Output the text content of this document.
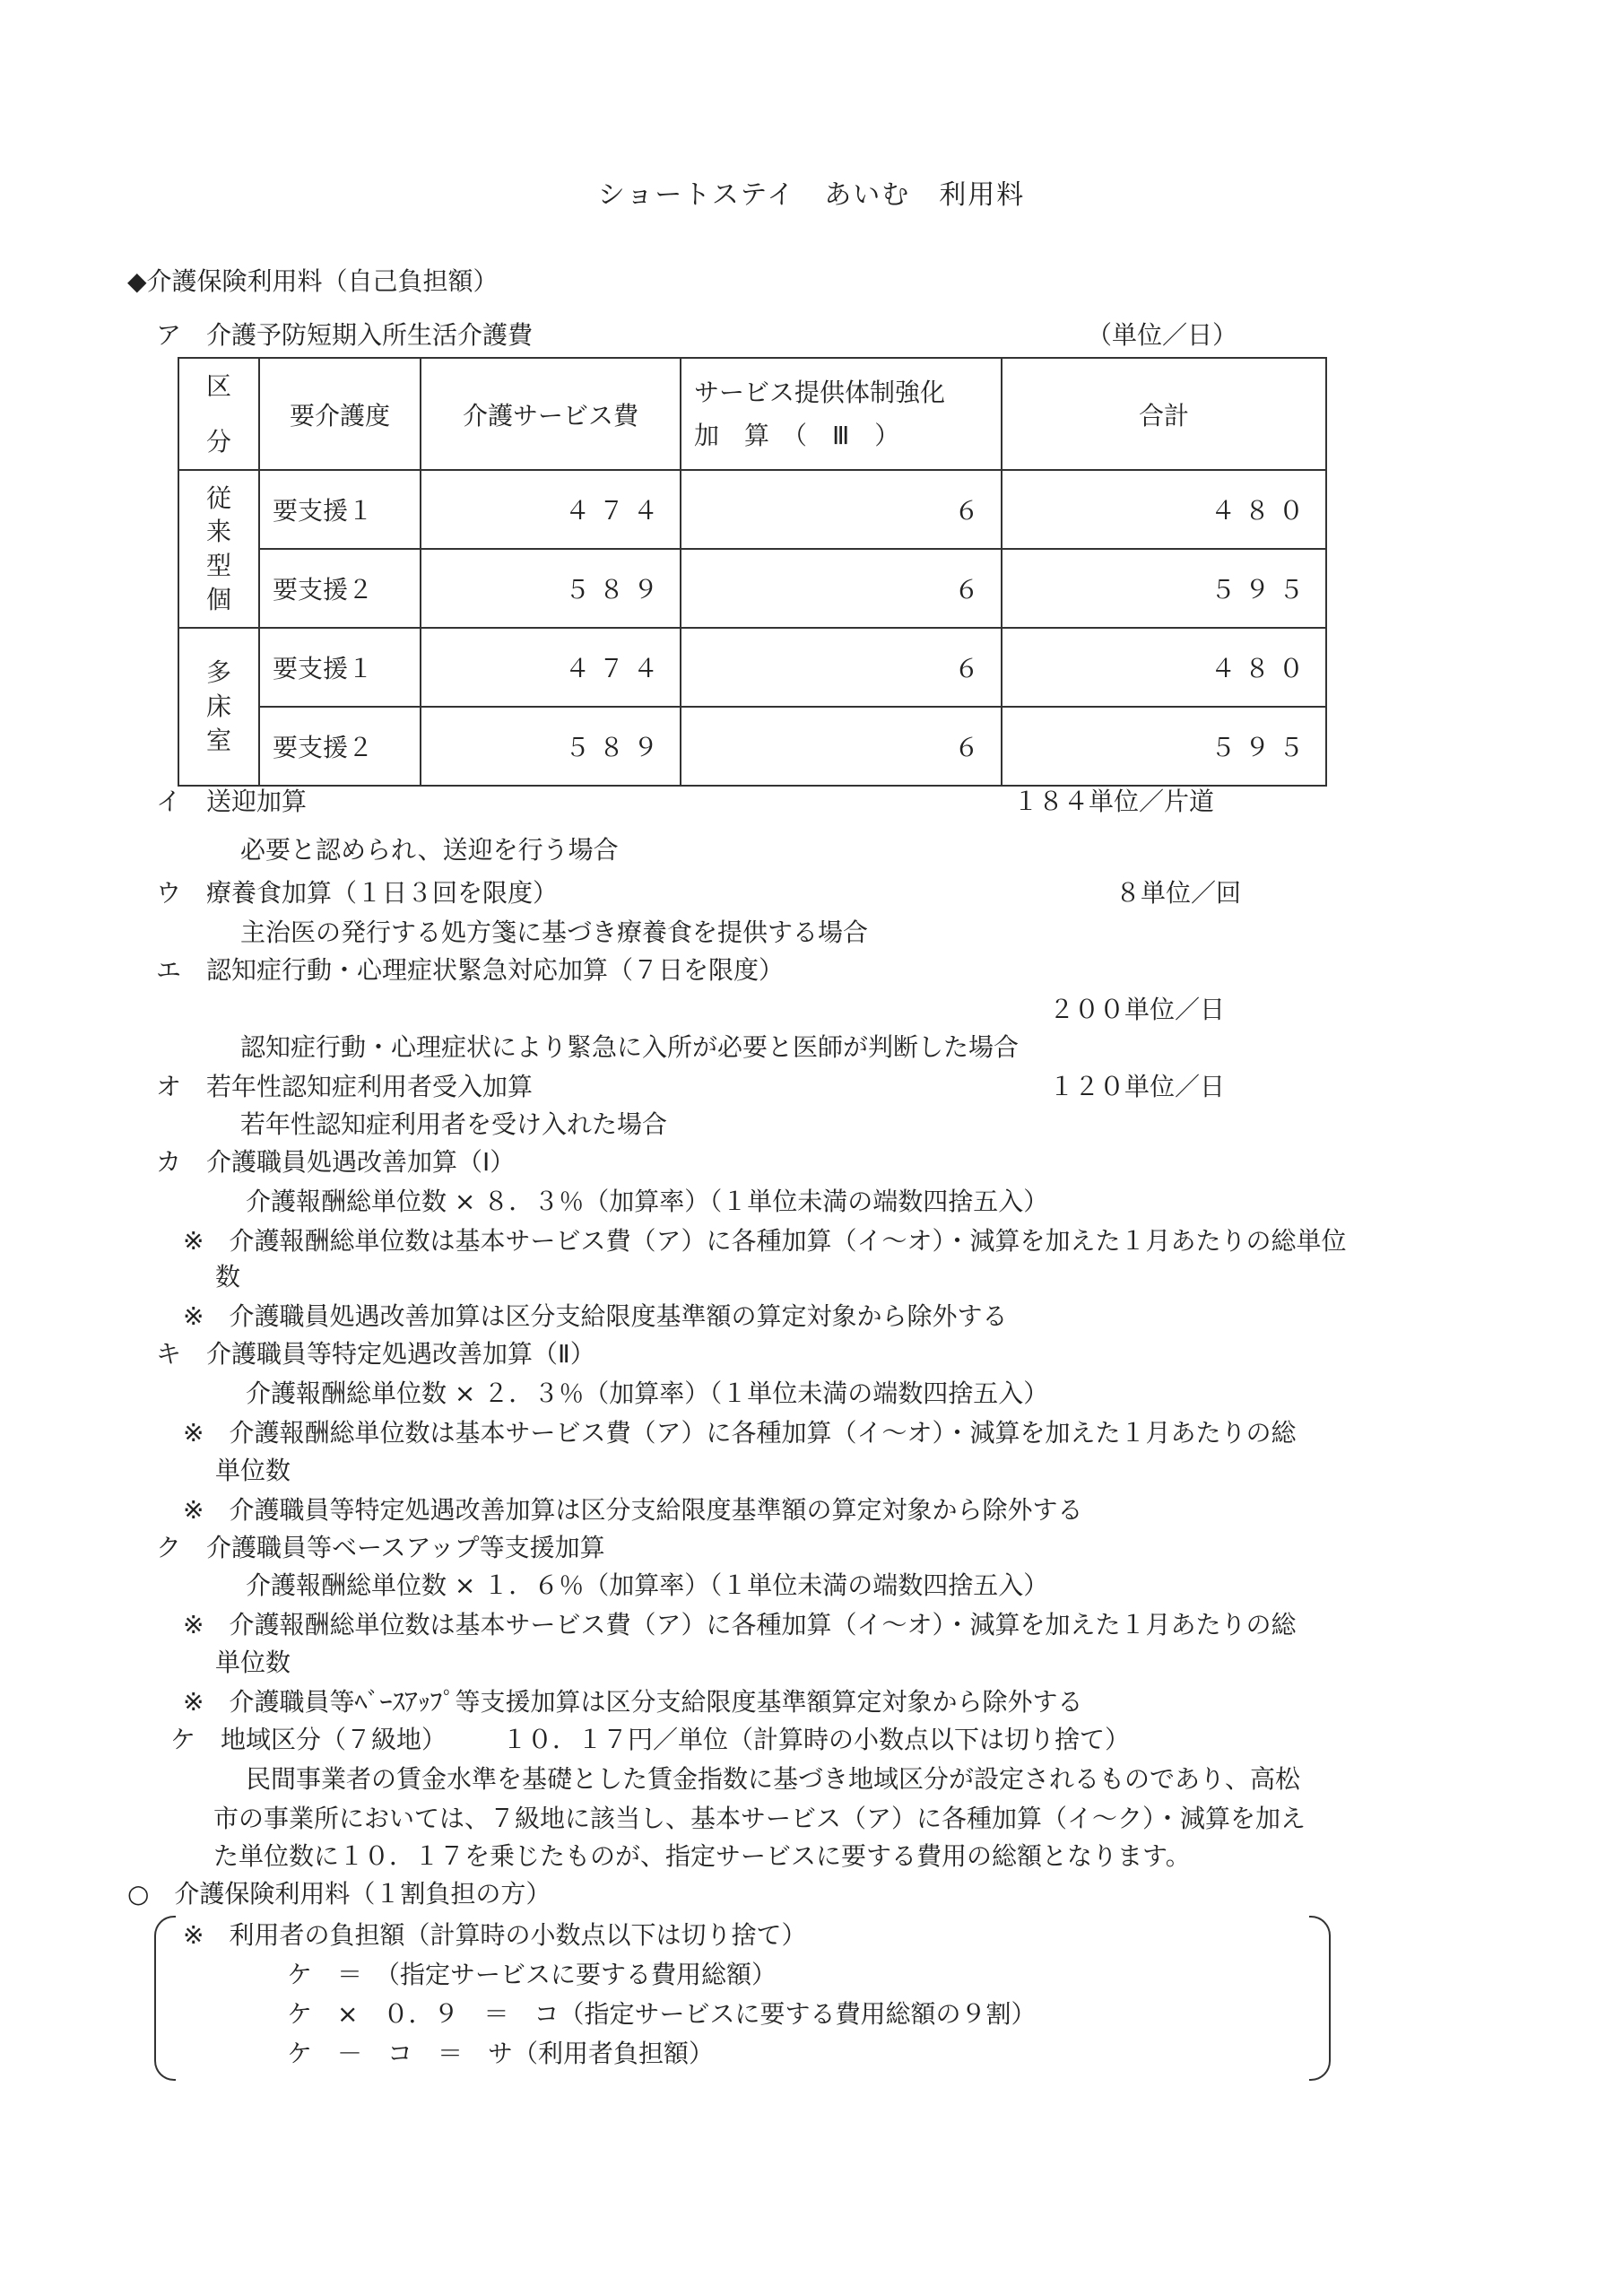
ショートステイ　あいむ　利用料
◆介護保険利用料（自己負担額）
ア　介護予防短期入所生活介護費	（単位／日）
区分	要介護度	介護サービス費	サービス提供体制強化
加　算　（　Ⅲ　）	合計
従来型個	要支援１	４７４	６	４８０
	要支援２	５８９	６	５９５
多床室	要支援１	４７４	６	４８０
	要支援２	５８９	６	５９５
イ　送迎加算	１８４単位／片道
必要と認められ、送迎を行う場合
ウ　療養食加算（１日３回を限度）	８単位／回
主治医の発行する処方箋に基づき療養食を提供する場合
エ　認知症行動・心理症状緊急対応加算（７日を限度）
２００単位／日
認知症行動・心理症状により緊急に入所が必要と医師が判断した場合
オ　若年性認知症利用者受入加算	１２０単位／日
若年性認知症利用者を受け入れた場合
カ　介護職員処遇改善加算（Ⅰ）
介護報酬総単位数 × ８．３％（加算率）（１単位未満の端数四捨五入）
※　介護報酬総単位数は基本サービス費（ア）に各種加算（イ～オ）・減算を加えた１月あたりの総単位
数
※　介護職員処遇改善加算は区分支給限度基準額の算定対象から除外する
キ　介護職員等特定処遇改善加算（Ⅱ）
介護報酬総単位数 × ２．３％（加算率）（１単位未満の端数四捨五入）
※　介護報酬総単位数は基本サービス費（ア）に各種加算（イ～オ）・減算を加えた１月あたりの総
単位数
※　介護職員等特定処遇改善加算は区分支給限度基準額の算定対象から除外する
ク　介護職員等ベースアップ等支援加算
介護報酬総単位数 × １．６％（加算率）（１単位未満の端数四捨五入）
※　介護報酬総単位数は基本サービス費（ア）に各種加算（イ～オ）・減算を加えた１月あたりの総
単位数
※　介護職員等ﾍﾞｰｽｱｯﾌﾟ等支援加算は区分支給限度基準額算定対象から除外する
ケ　地域区分（７級地） １０．１７円／単位（計算時の小数点以下は切り捨て）
民間事業者の賃金水準を基礎とした賃金指数に基づき地域区分が設定されるものであり、高松
市の事業所においては、７級地に該当し、基本サービス（ア）に各種加算（イ～ク）・減算を加え
た単位数に１０．１７を乗じたものが、指定サービスに要する費用の総額となります。
○　介護保険利用料（１割負担の方）
※　利用者の負担額（計算時の小数点以下は切り捨て）
ケ　＝　（指定サービスに要する費用総額）
ケ　×　０．９　＝　コ（指定サービスに要する費用総額の９割）
ケ　－　コ　＝　サ（利用者負担額）
